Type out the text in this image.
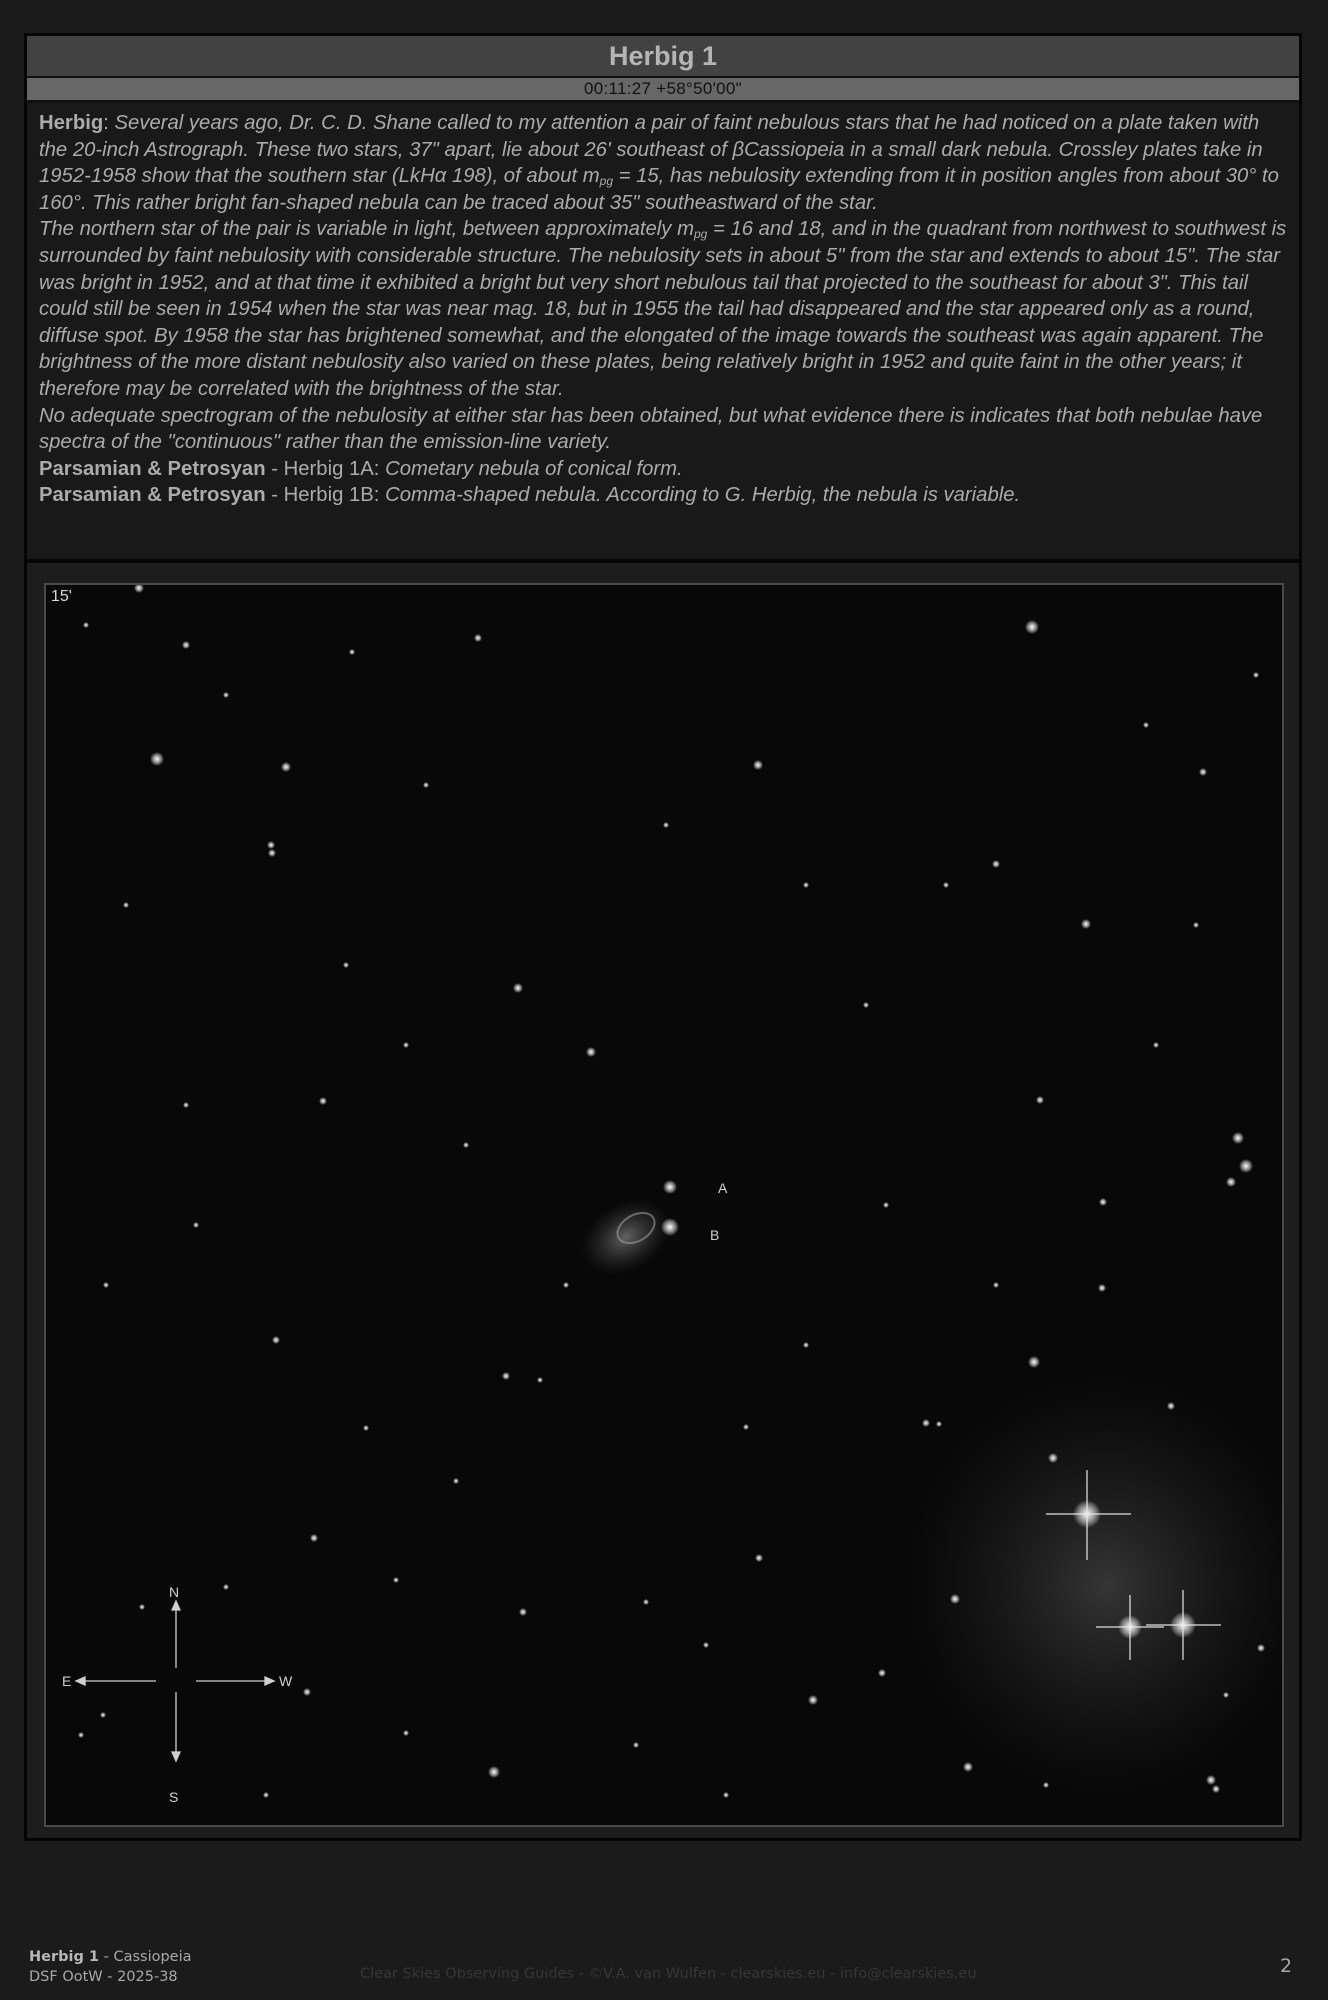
Herbig 1
00:11:27 +58°50'00"

Herbig: Several years ago, Dr. C. D. Shane called to my attention a pair of faint nebulous stars that he had noticed on a plate taken with the 20-inch Astrograph. These two stars, 37" apart, lie about 26' southeast of βCassiopeia in a small dark nebula. Crossley plates take in 1952-1958 show that the southern star (LkHα 198), of about $m_{pg} = 15$, has nebulosity extending from it in position angles from about 30° to 160°. This rather bright fan-shaped nebula can be traced about 35" southeastward of the star.

The northern star of the pair is variable in light, between approximately $m_{pg} = 16$ and 18, and in the quadrant from northwest to southwest is surrounded by faint nebulosity with considerable structure. The nebulosity sets in about 5" from the star and extends to about 15". The star was bright in 1952, and at that time it exhibited a bright but very short nebulous tail that projected to the southeast for about 3". This tail could still be seen in 1954 when the star was near mag. 18, but in 1955 the tail had disappeared and the star appeared only as a round, diffuse spot. By 1958 the star has brightened somewhat, and the elongated of the image towards the southeast was again apparent. The brightness of the more distant nebulosity also varied on these plates, being relatively bright in 1952 and quite faint in the other years; it therefore may be correlated with the brightness of the star.

No adequate spectrogram of the nebulosity at either star has been obtained, but what evidence there is indicates that both nebulae have spectra of the "continuous" rather than the emission-line variety.

Parsamian & Petrosyan - Herbig 1A: Cometary nebula of conical form.

Parsamian & Petrosyan - Herbig 1B: Comma-shaped nebula. According to G. Herbig, the nebula is variable.

15'
A
B
N
S
E	W
Herbig 1 - Cassiopeia
DSF OotW - 2025-38	Clear Skies Observing Guides - ©V.A. van Wulfen - clearskies.eu - info@clearskies.eu	2
